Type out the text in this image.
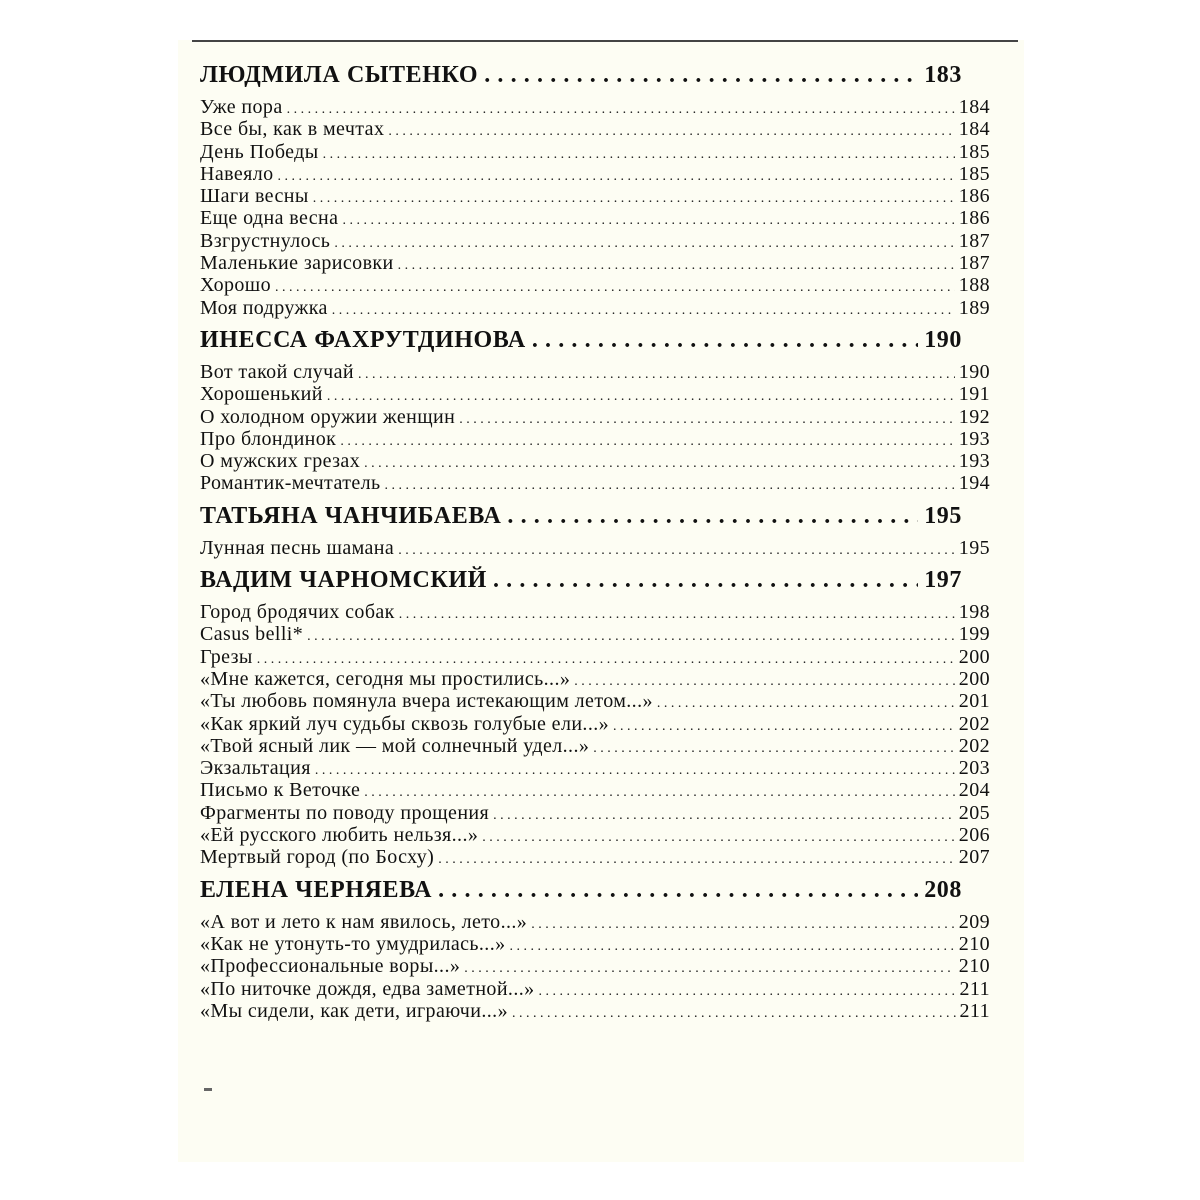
ЛЮДМИЛА СЫТЕНКО . . .	183
Уже пора . . .	184
Все бы, как в мечтах . . .	184
День Победы . . .	185
Навеяло . . .	185
Шаги весны . . .	186
Еще одна весна . . .	186
Взгрустнулось . . .	187
Маленькие зарисовки . . .	187
Хорошо . . .	188
Моя подружка . . .	189
ИНЕССА ФАХРУТДИНОВА . . .	190
Вот такой случай . . .	190
Хорошенький . . .	191
О холодном оружии женщин . . .	192
Про блондинок . . .	193
О мужских грезах . . .	193
Романтик-мечтатель . . .	194
ТАТЬЯНА ЧАНЧИБАЕВА . . .	195
Лунная песнь шамана . . .	195
ВАДИМ ЧАРНОМСКИЙ . . .	197
Город бродячих собак . . .	198
Casus belli* . . .	199
Грезы . . .	200
«Мне кажется, сегодня мы простились...» . . .	200
«Ты любовь помянула вчера истекающим летом...» . . .	201
«Как яркий луч судьбы сквозь голубые ели...» . . .	202
«Твой ясный лик — мой солнечный удел...» . . .	202
Экзальтация . . .	203
Письмо к Веточке . . .	204
Фрагменты по поводу прощения . . .	205
«Ей русского любить нельзя...» . . .	206
Мертвый город (по Босху) . . .	207
ЕЛЕНА ЧЕРНЯЕВА . . .	208
«А вот и лето к нам явилось, лето...» . . .	209
«Как не утонуть-то умудрилась...» . . .	210
«Профессиональные воры...» . . .	210
«По ниточке дождя, едва заметной...» . . .	211
«Мы сидели, как дети, играючи...» . . .	211
